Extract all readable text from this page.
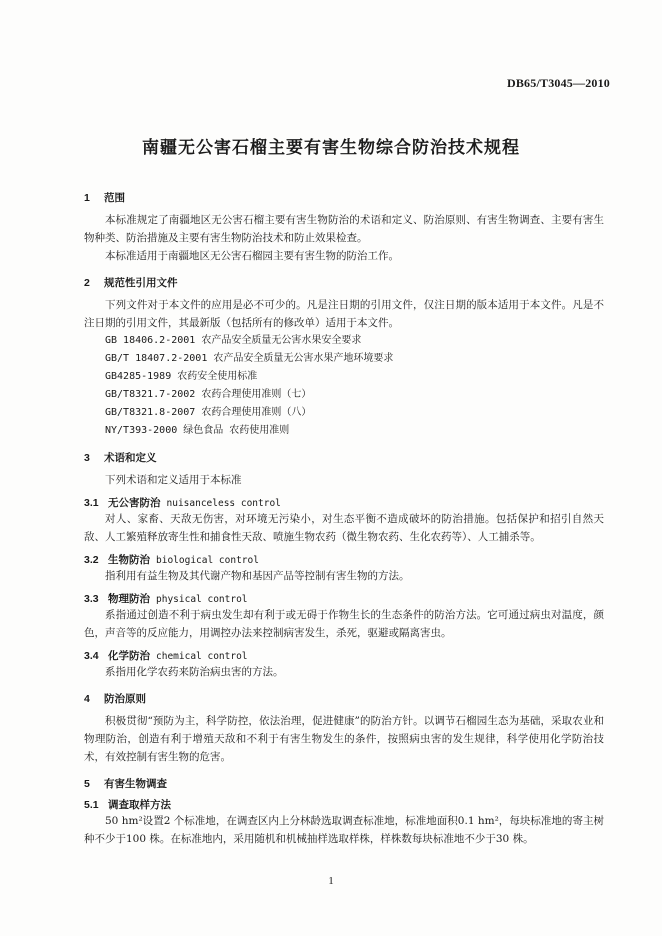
DB65/T3045—2010
南疆无公害石榴主要有害生物综合防治技术规程
1 范围

本标准规定了南疆地区无公害石榴主要有害生物防治的术语和定义、防治原则、有害生物调查、主要有害生物种类、防治措施及主要有害生物防治技术和防止效果检查。

本标准适用于南疆地区无公害石榴园主要有害生物的防治工作。

2 规范性引用文件

下列文件对于本文件的应用是必不可少的。凡是注日期的引用文件，仅注日期的版本适用于本文件。凡是不注日期的引用文件，其最新版（包括所有的修改单）适用于本文件。

GB 18406.2-2001 农产品安全质量无公害水果安全要求
GB/T 18407.2-2001 农产品安全质量无公害水果产地环境要求
GB4285-1989 农药安全使用标准
GB/T8321.7-2002 农药合理使用准则（七）
GB/T8321.8-2007 农药合理使用准则（八）
NY/T393-2000 绿色食品 农药使用准则
3 术语和定义

下列术语和定义适用于本标准

3.1 无公害防治 nuisanceless control

对人、家畜、天敌无伤害，对环境无污染小，对生态平衡不造成破坏的防治措施。包括保护和招引自然天敌、人工繁殖释放寄生性和捕食性天敌、喷施生物农药（微生物农药、生化农药等）、人工捕杀等。

3.2 生物防治 biological control

指利用有益生物及其代谢产物和基因产品等控制有害生物的方法。

3.3 物理防治 physical control

系指通过创造不利于病虫发生却有利于或无碍于作物生长的生态条件的防治方法。它可通过病虫对温度，颜色，声音等的反应能力，用调控办法来控制病害发生，杀死，驱避或隔离害虫。

3.4 化学防治 chemical control

系指用化学农药来防治病虫害的方法。

4 防治原则

积极贯彻“预防为主，科学防控，依法治理，促进健康”的防治方针。以调节石榴园生态为基础，采取农业和物理防治，创造有利于增殖天敌和不利于有害生物发生的条件，按照病虫害的发生规律，科学使用化学防治技术，有效控制有害生物的危害。

5 有害生物调查
5.1 调查取样方法

50 hm²设置2 个标准地，在调查区内上分林龄选取调查标准地，标准地面积0.1 hm²，每块标准地的寄主树种不少于100 株。在标准地内，采用随机和机械抽样选取样株，样株数每块标准地不少于30 株。

1
